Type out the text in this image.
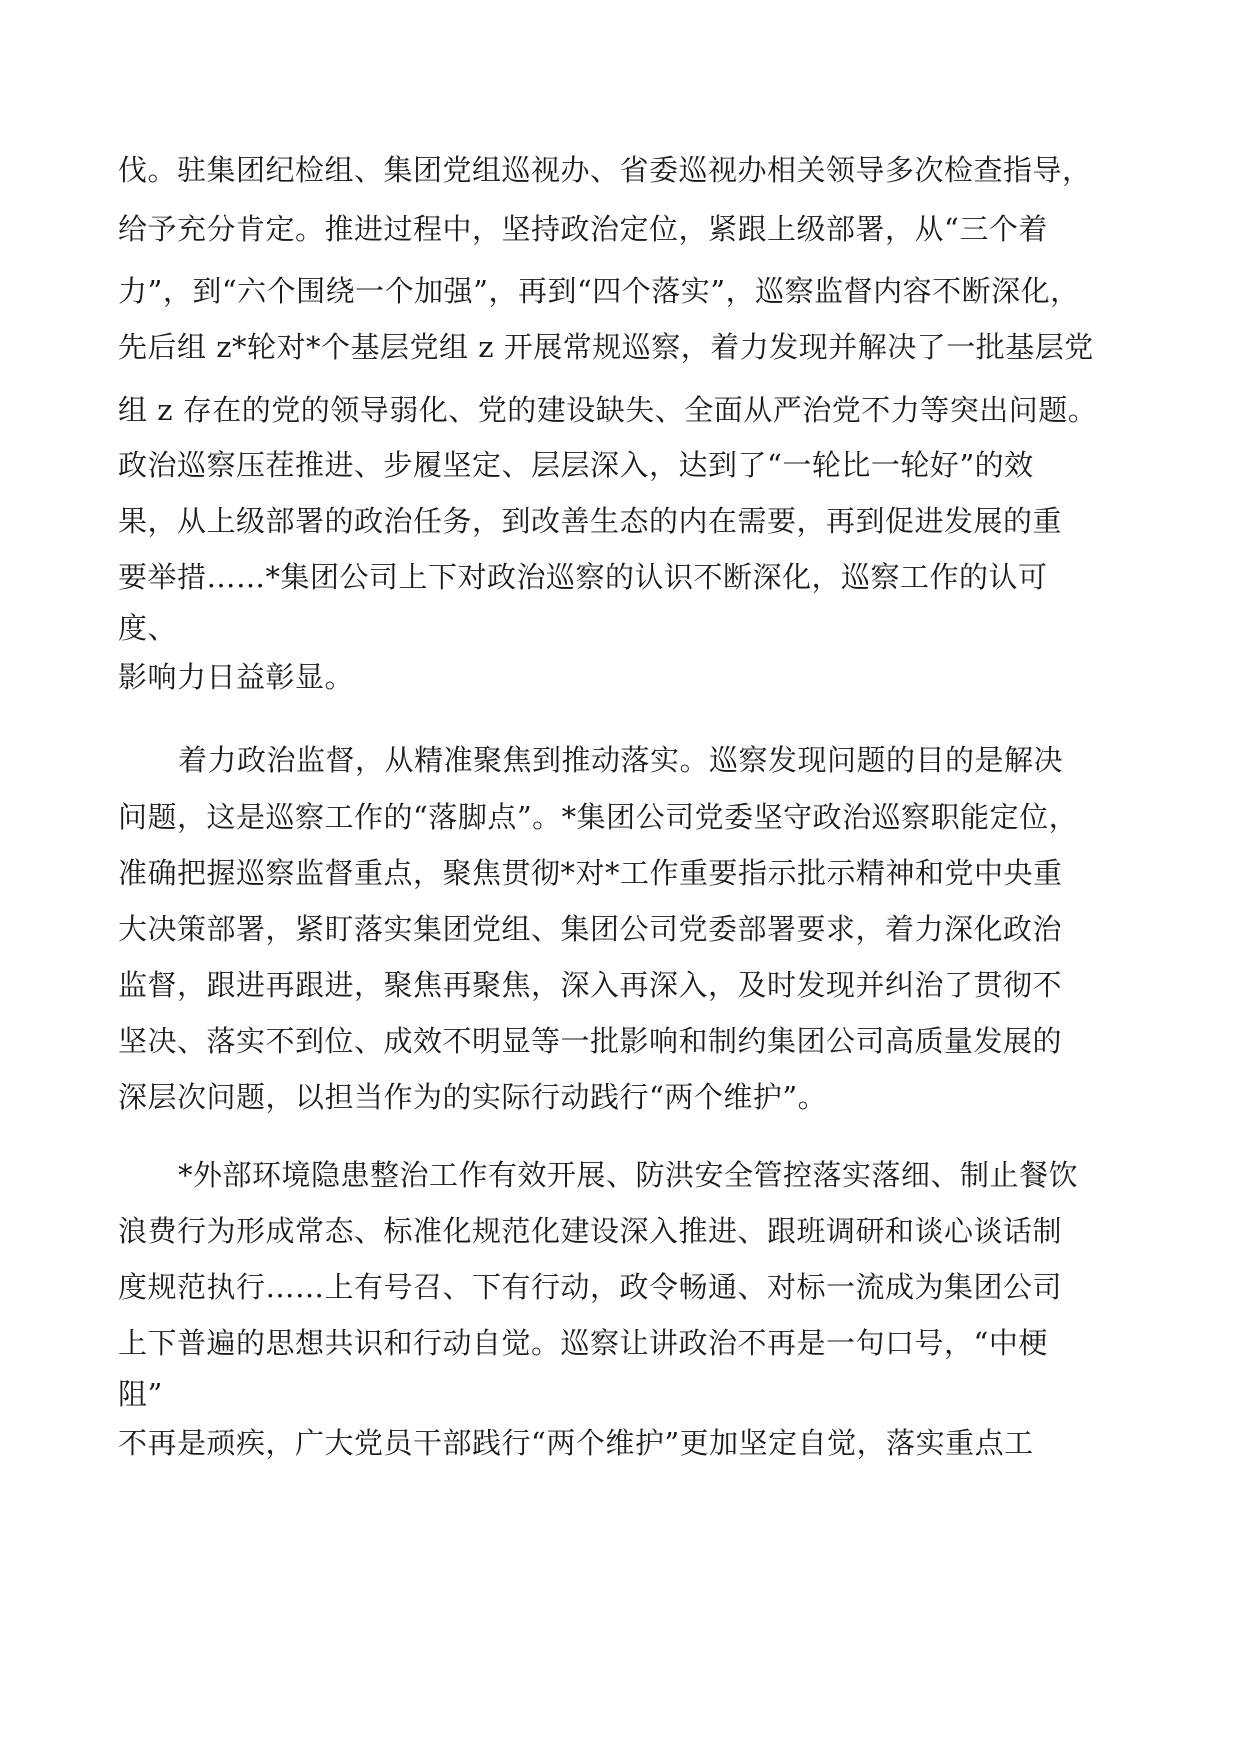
伐。驻集团纪检组、集团党组巡视办、省委巡视办相关领导多次检查指导，

给予充分肯定。推进过程中，坚持政治定位，紧跟上级部署，从“三个着

力”，到“六个围绕一个加强”，再到“四个落实”，巡察监督内容不断深化，

先后组 z*轮对*个基层党组 z 开展常规巡察，着力发现并解决了一批基层党

组 z 存在的党的领导弱化、党的建设缺失、全面从严治党不力等突出问题。

政治巡察压茬推进、步履坚定、层层深入，达到了“一轮比一轮好”的效

果，从上级部署的政治任务，到改善生态的内在需要，再到促进发展的重

要举措……*集团公司上下对政治巡察的认识不断深化，巡察工作的认可

度、

影响力日益彰显。

着力政治监督，从精准聚焦到推动落实。巡察发现问题的目的是解决

问题，这是巡察工作的“落脚点”。*集团公司党委坚守政治巡察职能定位，

准确把握巡察监督重点，聚焦贯彻*对*工作重要指示批示精神和党中央重

大决策部署，紧盯落实集团党组、集团公司党委部署要求，着力深化政治

监督，跟进再跟进，聚焦再聚焦，深入再深入，及时发现并纠治了贯彻不

坚决、落实不到位、成效不明显等一批影响和制约集团公司高质量发展的

深层次问题，以担当作为的实际行动践行“两个维护”。

*外部环境隐患整治工作有效开展、防洪安全管控落实落细、制止餐饮

浪费行为形成常态、标准化规范化建设深入推进、跟班调研和谈心谈话制

度规范执行……上有号召、下有行动，政令畅通、对标一流成为集团公司

上下普遍的思想共识和行动自觉。巡察让讲政治不再是一句口号，“中梗

阻”

不再是顽疾，广大党员干部践行“两个维护”更加坚定自觉，落实重点工
